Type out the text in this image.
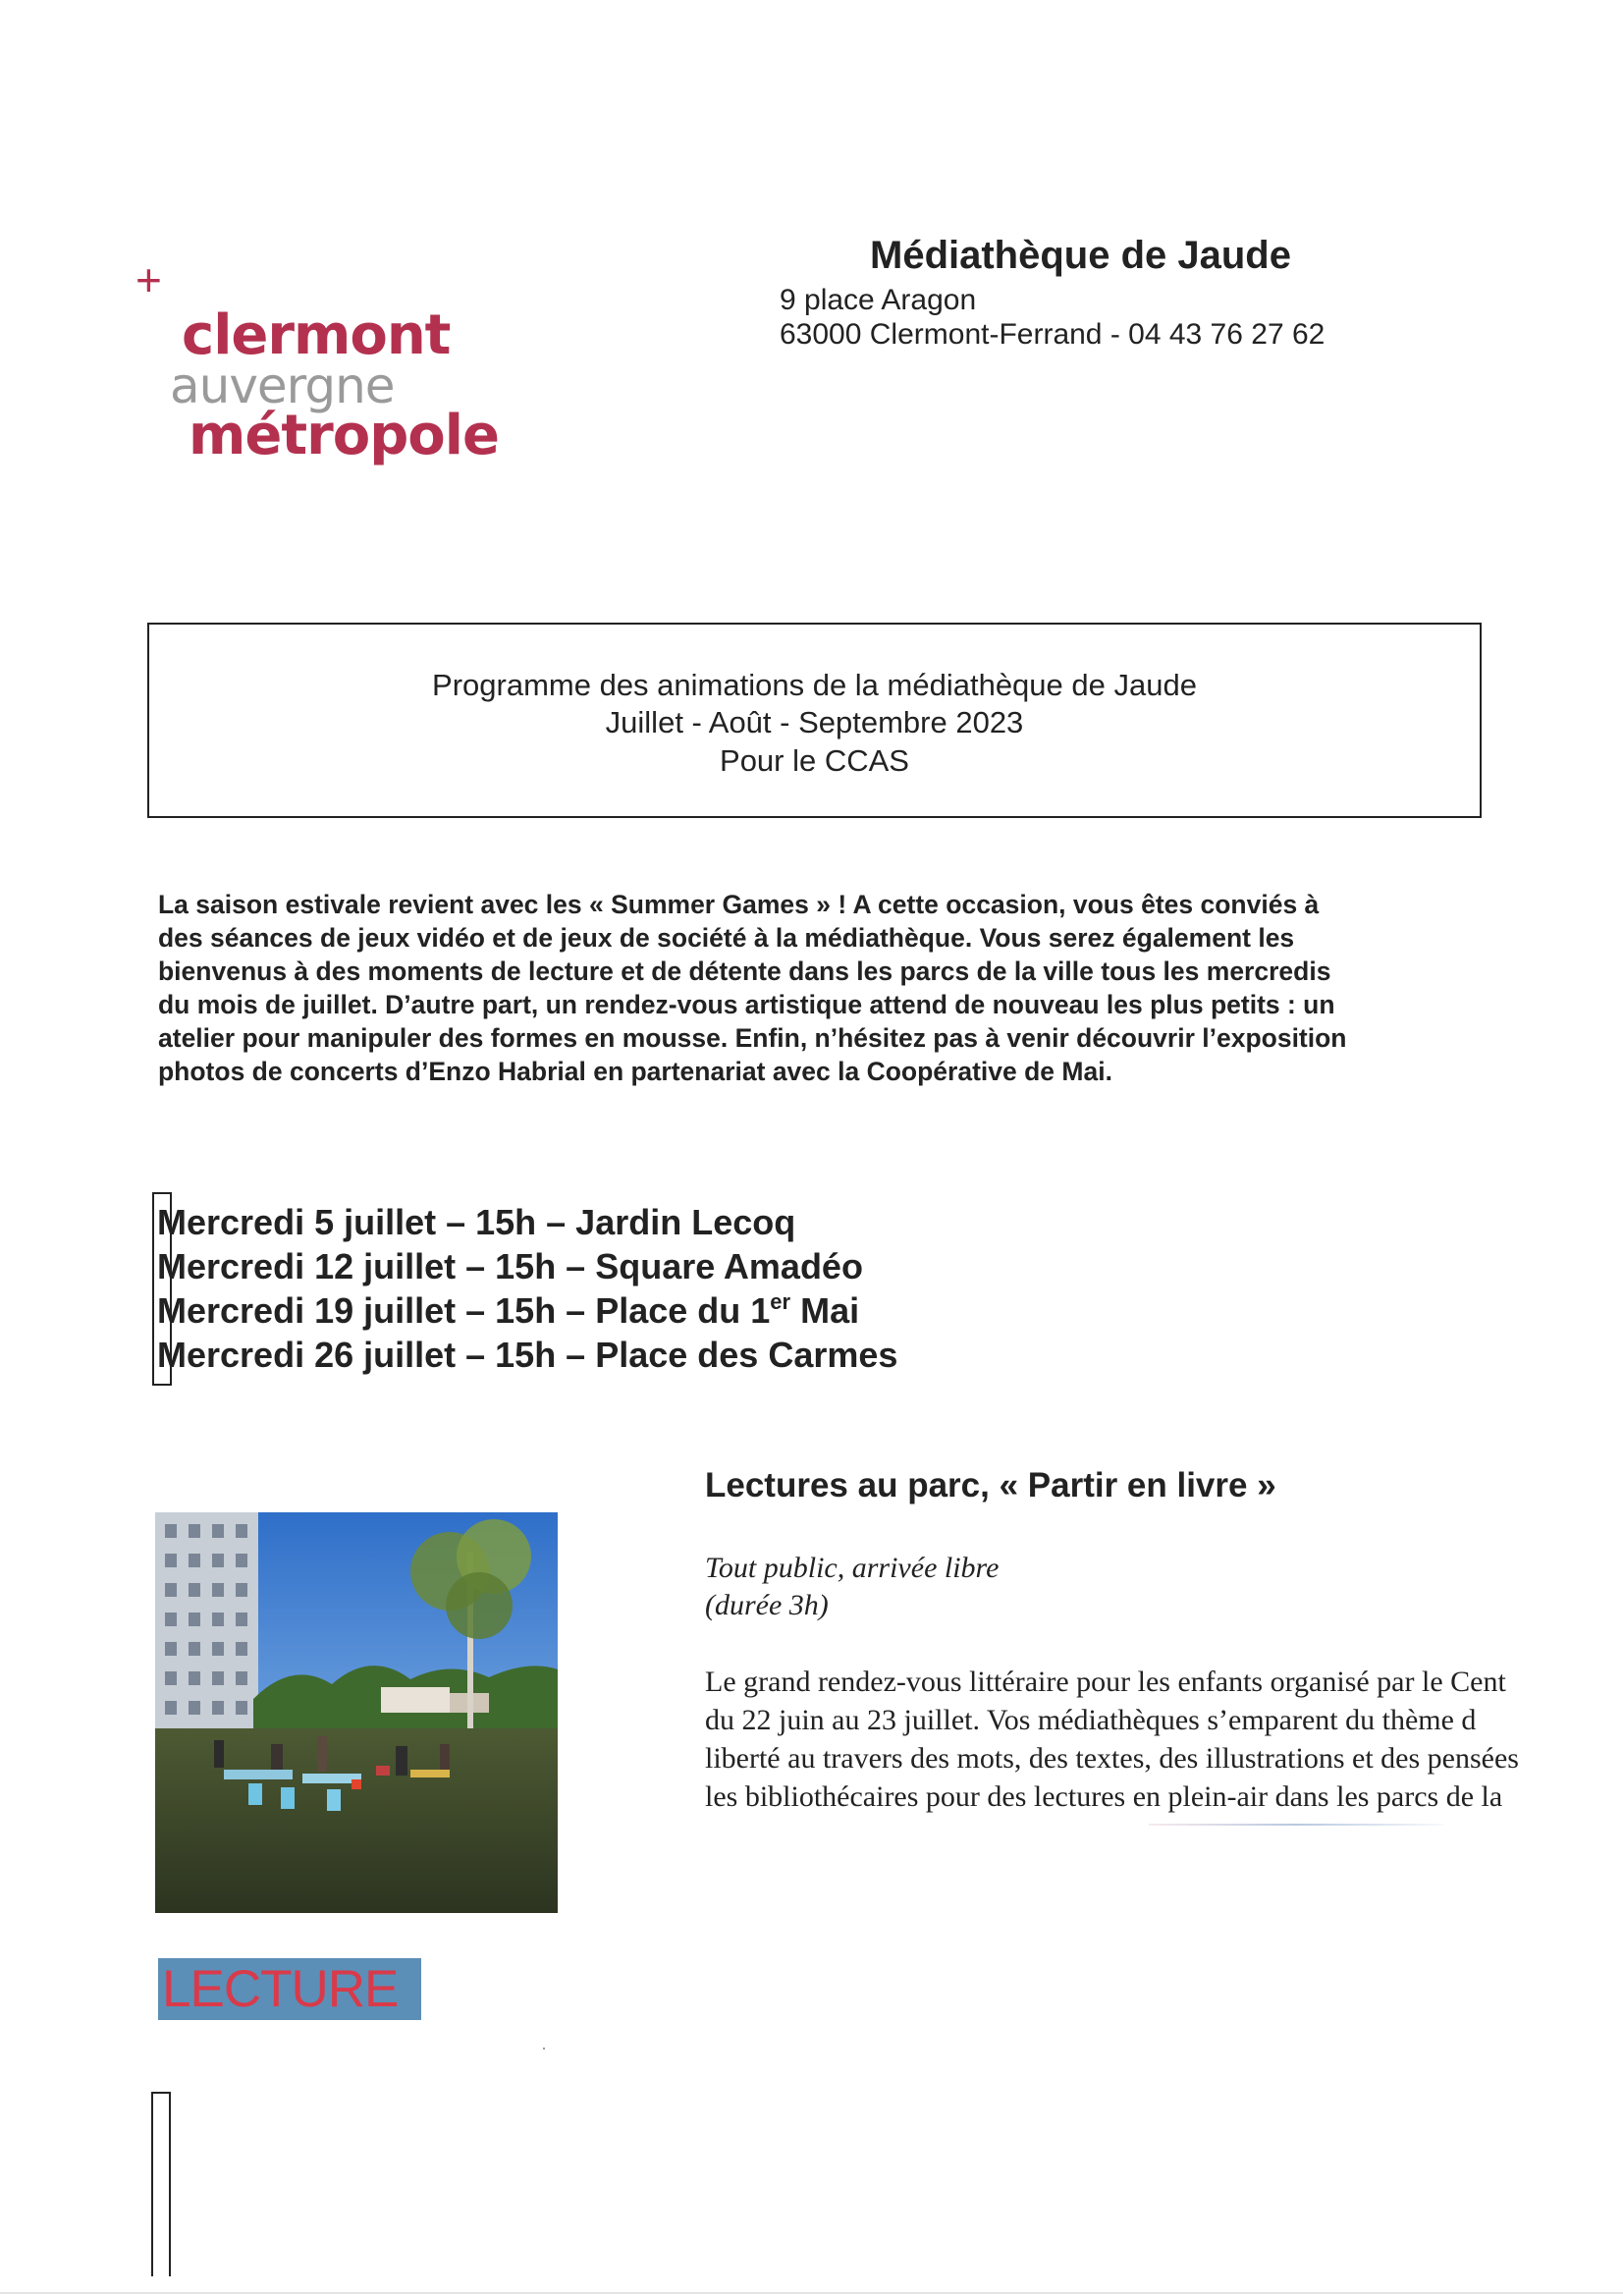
+
clermont
auvergne
métropole
Médiathèque de Jaude
9 place Aragon
63000 Clermont-Ferrand - 04 43 76 27 62
Programme des animations de la médiathèque de Jaude
Juillet - Août - Septembre 2023
Pour le CCAS
La saison estivale revient avec les « Summer Games » ! A cette occasion, vous êtes conviés à
des séances de jeux vidéo et de jeux de société à la médiathèque. Vous serez également les
bienvenus à des moments de lecture et de détente dans les parcs de la ville tous les mercredis
du mois de juillet. D’autre part, un rendez-vous artistique attend de nouveau les plus petits : un
atelier pour manipuler des formes en mousse. Enfin, n’hésitez pas à venir découvrir l’exposition
photos de concerts d’Enzo Habrial en partenariat avec la Coopérative de Mai.
Mercredi 5 juillet – 15h – Jardin Lecoq
Mercredi 12 juillet – 15h – Square Amadéo
Mercredi 19 juillet – 15h – Place du 1er Mai
Mercredi 26 juillet – 15h – Place des Carmes
Lectures au parc, « Partir en livre »
Tout public, arrivée libre
(durée 3h)
Le grand rendez-vous littéraire pour les enfants organisé par le Cent
du 22 juin au 23 juillet. Vos médiathèques s’emparent du thème d
liberté au travers des mots, des textes, des illustrations et des pensées
les bibliothécaires pour des lectures en plein-air dans les parcs de la
LECTURE
